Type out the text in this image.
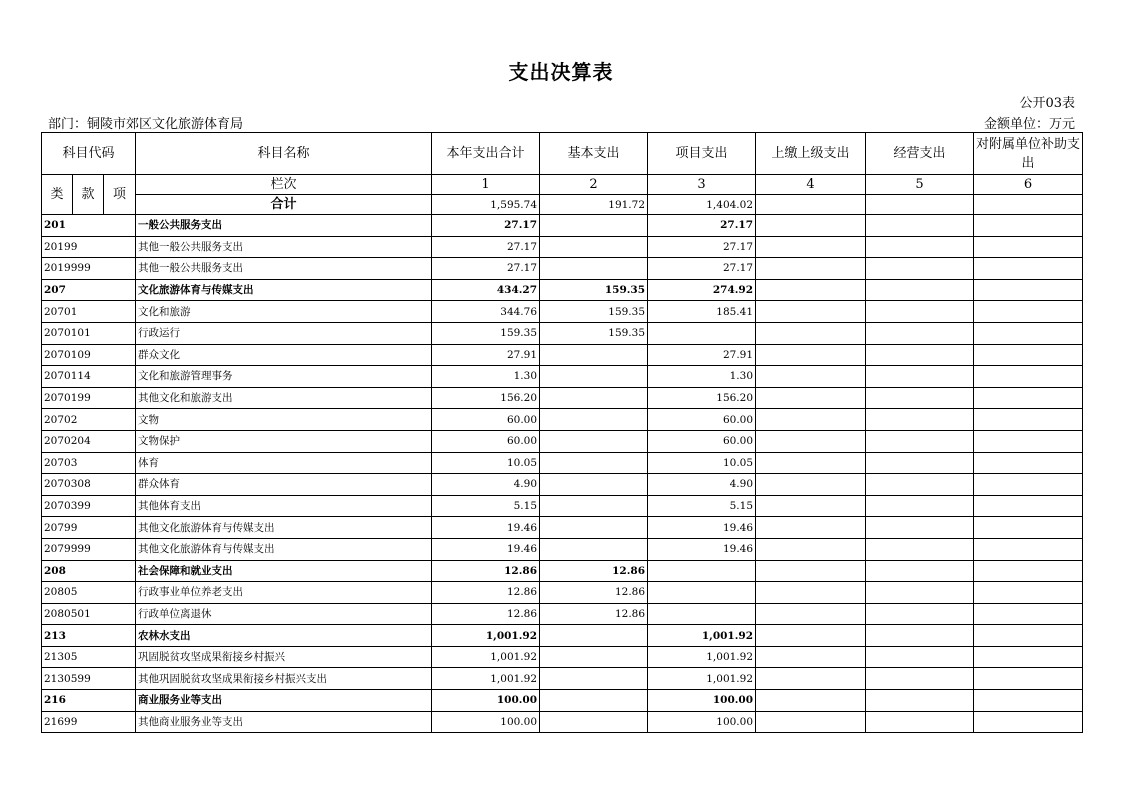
支出决算表
公开03表
部门：铜陵市郊区文化旅游体育局	金额单位：万元
科目代码			科目名称	本年支出合计	基本支出	项目支出	上缴上级支出	经营支出	对附属单位补助支出
类	款	项	栏次	1	2	3	4	5	6
			合计	1,595.74	191.72	1,404.02			
201			一般公共服务支出	27.17		27.17			
20199			其他一般公共服务支出	27.17		27.17			
2019999			其他一般公共服务支出	27.17		27.17			
207			文化旅游体育与传媒支出	434.27	159.35	274.92			
20701			文化和旅游	344.76	159.35	185.41			
2070101			行政运行	159.35	159.35				
2070109			群众文化	27.91		27.91			
2070114			文化和旅游管理事务	1.30		1.30			
2070199			其他文化和旅游支出	156.20		156.20			
20702			文物	60.00		60.00			
2070204			文物保护	60.00		60.00			
20703			体育	10.05		10.05			
2070308			群众体育	4.90		4.90			
2070399			其他体育支出	5.15		5.15			
20799			其他文化旅游体育与传媒支出	19.46		19.46			
2079999			其他文化旅游体育与传媒支出	19.46		19.46			
208			社会保障和就业支出	12.86	12.86				
20805			行政事业单位养老支出	12.86	12.86				
2080501			行政单位离退休	12.86	12.86				
213			农林水支出	1,001.92		1,001.92			
21305			巩固脱贫攻坚成果衔接乡村振兴	1,001.92		1,001.92			
2130599			其他巩固脱贫攻坚成果衔接乡村振兴支出	1,001.92		1,001.92			
216			商业服务业等支出	100.00		100.00			
21699			其他商业服务业等支出	100.00		100.00			
